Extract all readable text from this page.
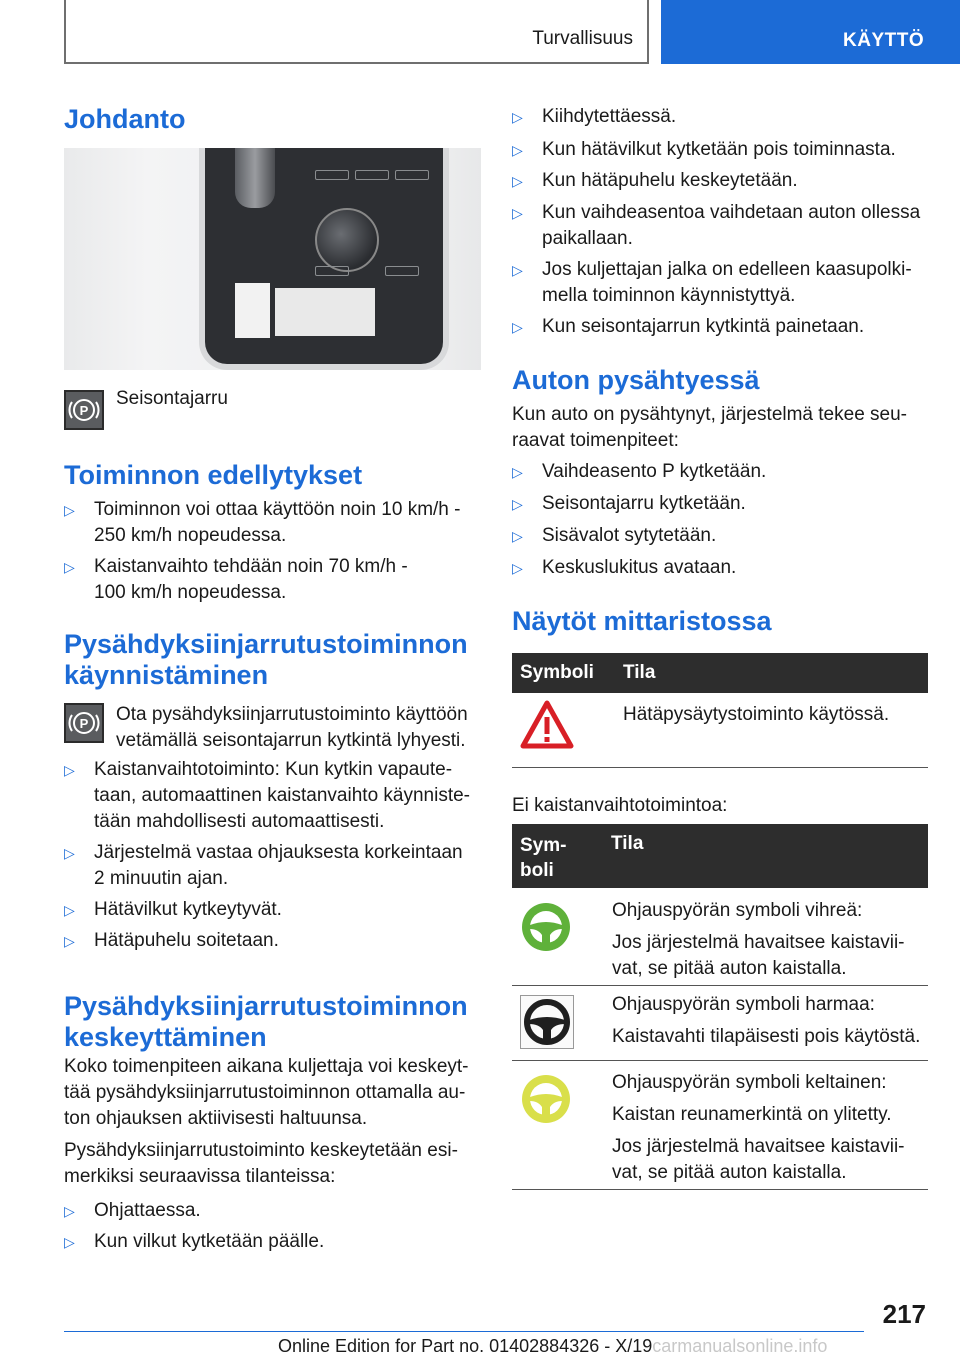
Turvallisuus	KÄYTTÖ
Johdanto
P
Seisontajarru
Toiminnon edellytykset
▷ Toiminnon voi ottaa käyttöön noin 10 km/h -
250 km/h nopeudessa.
▷ Kaistanvaihto tehdään noin 70 km/h -
100 km/h nopeudessa.
Pysähdyksiinjarrutustoiminnon
käynnistäminen
P Ota pysähdyksiinjarrutustoiminto käyttöön
vetämällä seisontajarrun kytkintä lyhyesti.
▷ Kaistanvaihtotoiminto: Kun kytkin vapaute-
taan, automaattinen kaistanvaihto käynniste-
tään mahdollisesti automaattisesti.
▷ Järjestelmä vastaa ohjauksesta korkeintaan
2 minuutin ajan.
▷ Hätävilkut kytkeytyvät.
▷ Hätäpuhelu soitetaan.
Pysähdyksiinjarrutustoiminnon
keskeyttäminen
Koko toimenpiteen aikana kuljettaja voi keskeyt-
tää pysähdyksiinjarrutustoiminnon ottamalla au-
ton ohjauksen aktiivisesti haltuunsa.
Pysähdyksiinjarrutustoiminto keskeytetään esi-
merkiksi seuraavissa tilanteissa:
▷ Ohjattaessa.
▷ Kun vilkut kytketään päälle.
▷ Kiihdytettäessä.
▷ Kun hätävilkut kytketään pois toiminnasta.
▷ Kun hätäpuhelu keskeytetään.
▷ Kun vaihdeasentoa vaihdetaan auton ollessa
paikallaan.
▷ Jos kuljettajan jalka on edelleen kaasupolki-
mella toiminnon käynnistyttyä.
▷ Kun seisontajarrun kytkintä painetaan.
Auton pysähtyessä
Kun auto on pysähtynyt, järjestelmä tekee seu-
raavat toimenpiteet:
▷ Vaihdeasento P kytketään.
▷ Seisontajarru kytketään.
▷ Sisävalot sytytetään.
▷ Keskuslukitus avataan.
Näytöt mittaristossa
Symboli Tila
Hätäpysäytystoiminto käytössä.
Ei kaistanvaihtotoimintoa:
Sym-
boli
Tila
Ohjauspyörän symboli vihreä:
Jos järjestelmä havaitsee kaistavii-
vat, se pitää auton kaistalla.
Ohjauspyörän symboli harmaa:
Kaistavahti tilapäisesti pois käytöstä.
Ohjauspyörän symboli keltainen:
Kaistan reunamerkintä on ylitetty.
Jos järjestelmä havaitsee kaistavii-
vat, se pitää auton kaistalla.
217
Online Edition for Part no. 01402884326 - X/19carmanualsonline.info
